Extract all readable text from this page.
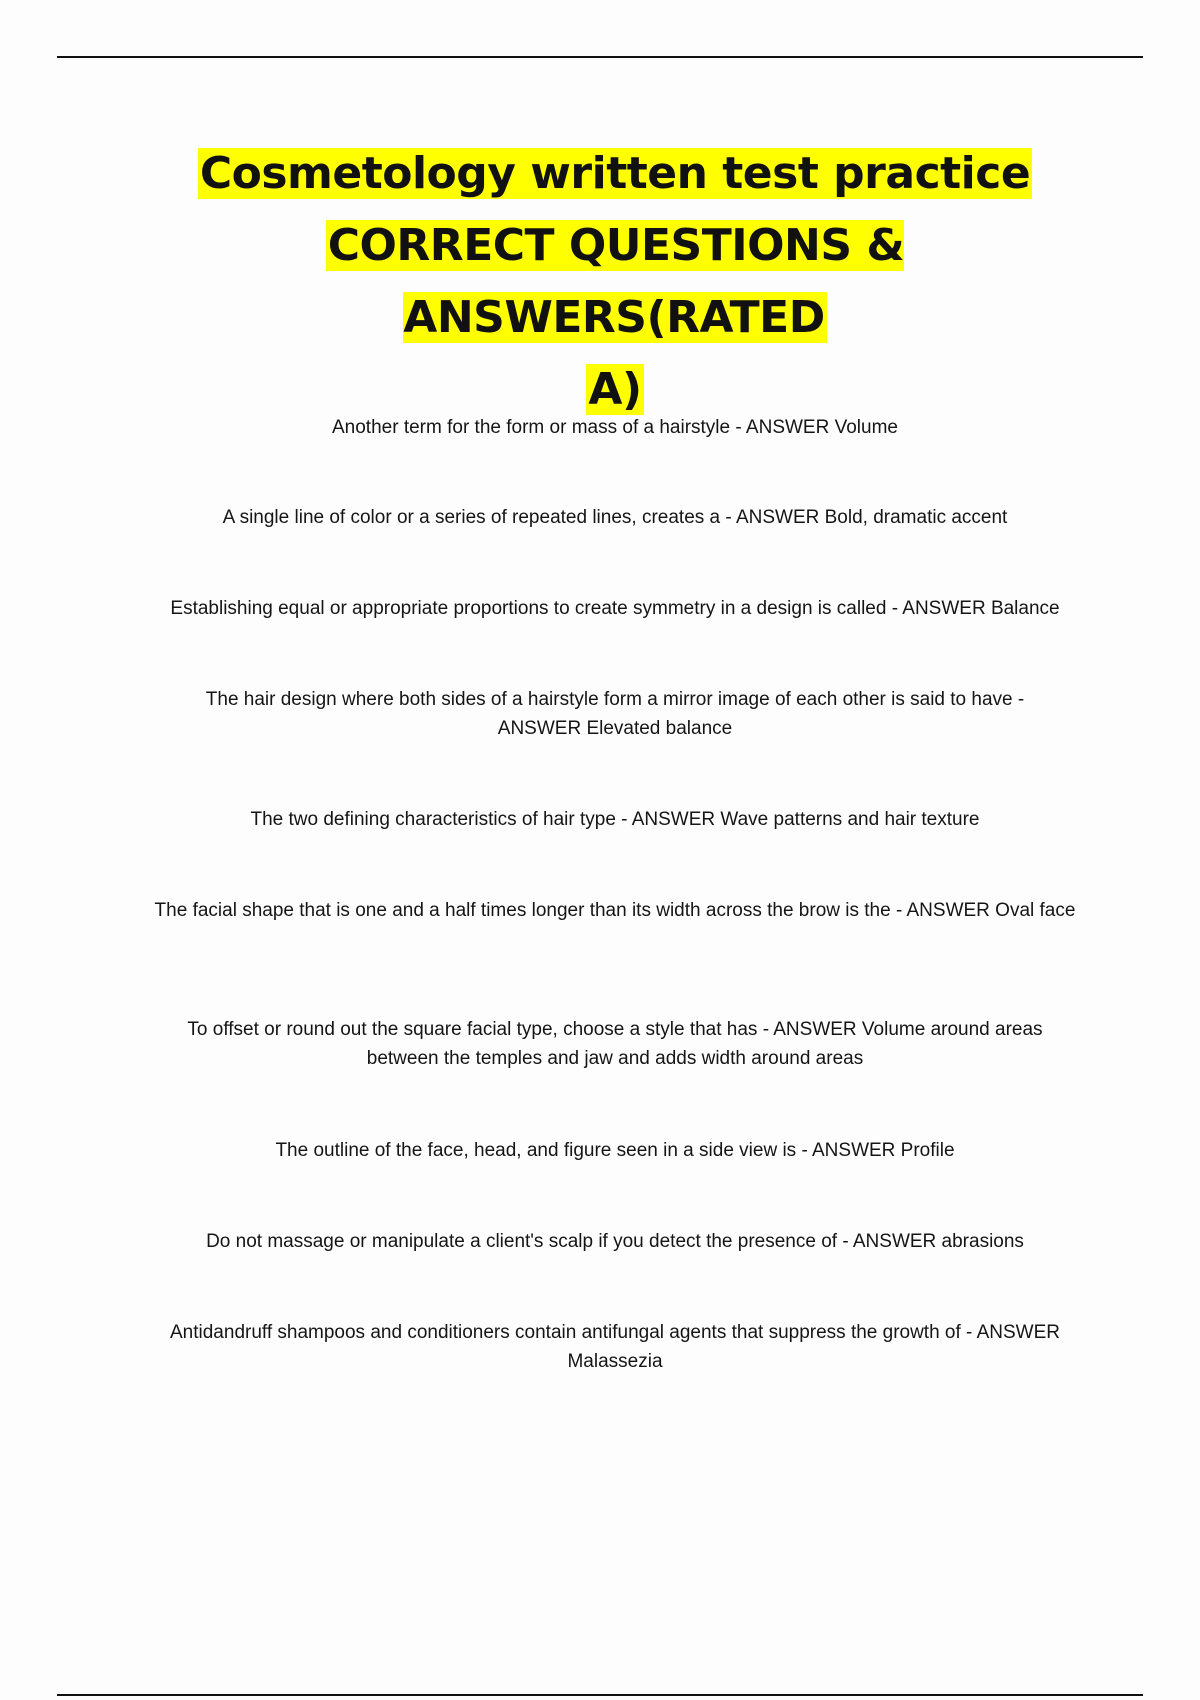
Cosmetology written test practice
CORRECT QUESTIONS & ANSWERS(RATED
A)
Another term for the form or mass of a hairstyle - ANSWER Volume
A single line of color or a series of repeated lines, creates a - ANSWER Bold, dramatic accent
Establishing equal or appropriate proportions to create symmetry in a design is called - ANSWER Balance
The hair design where both sides of a hairstyle form a mirror image of each other is said to have - ANSWER Elevated balance
The two defining characteristics of hair type - ANSWER Wave patterns and hair texture
The facial shape that is one and a half times longer than its width across the brow is the - ANSWER Oval face
To offset or round out the square facial type, choose a style that has - ANSWER Volume around areas between the temples and jaw and adds width around areas
The outline of the face, head, and figure seen in a side view is - ANSWER Profile
Do not massage or manipulate a client's scalp if you detect the presence of - ANSWER abrasions
Antidandruff shampoos and conditioners contain antifungal agents that suppress the growth of - ANSWER Malassezia
